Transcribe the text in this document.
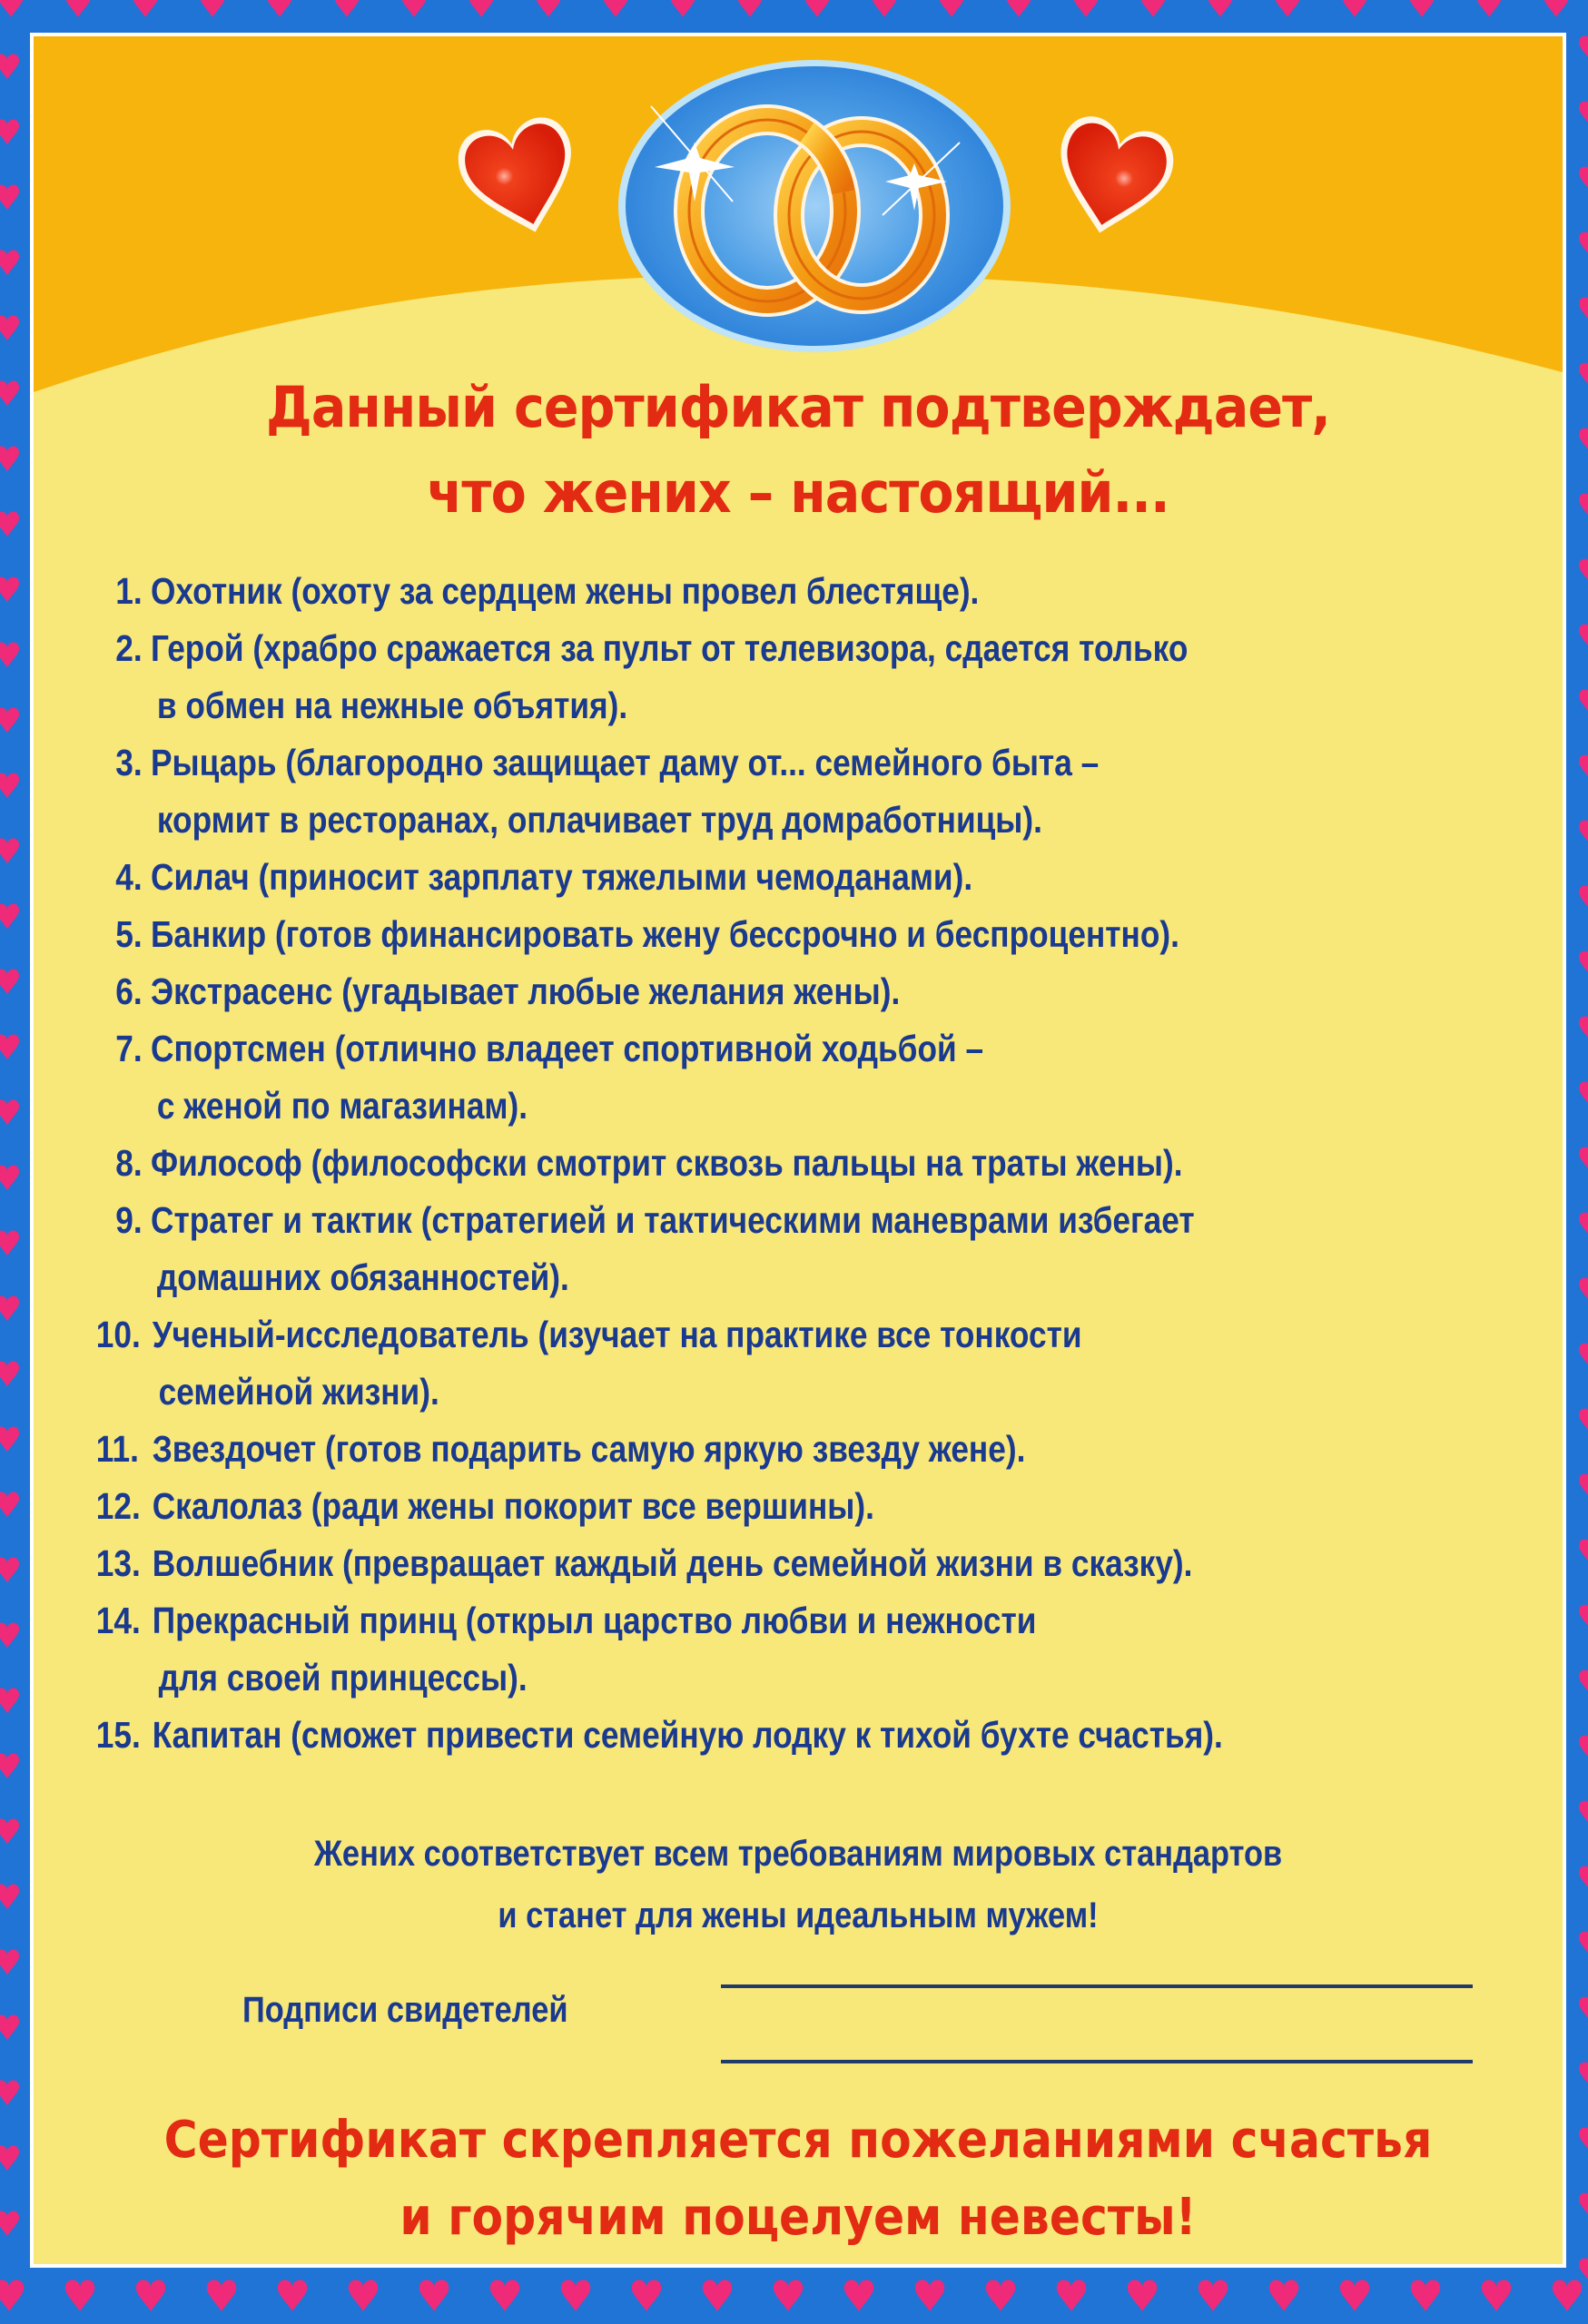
Данный сертификат подтверждает,
что жених – настоящий...
1. Охотник (охоту за сердцем жены провел блестяще).
2. Герой (храбро сражается за пульт от телевизора, сдается только
в обмен на нежные объятия).
3. Рыцарь (благородно защищает даму от... семейного быта –
кормит в ресторанах, оплачивает труд домработницы).
4. Силач (приносит зарплату тяжелыми чемоданами).
5. Банкир (готов финансировать жену бессрочно и беспроцентно).
6. Экстрасенс (угадывает любые желания жены).
7. Спортсмен (отлично владеет спортивной ходьбой –
с женой по магазинам).
8. Философ (философски смотрит сквозь пальцы на траты жены).
9. Стратег и тактик (стратегией и тактическими маневрами избегает
домашних обязанностей).
10. Ученый-исследователь (изучает на практике все тонкости
семейной жизни).
11. Звездочет (готов подарить самую яркую звезду жене).
12. Скалолаз (ради жены покорит все вершины).
13. Волшебник (превращает каждый день семейной жизни в сказку).
14. Прекрасный принц (открыл царство любви и нежности
для своей принцессы).
15. Капитан (сможет привести семейную лодку к тихой бухте счастья).
Жених соответствует всем требованиям мировых стандартов
и станет для жены идеальным мужем!
Подписи свидетелей
Сертификат скрепляется пожеланиями счастья
и горячим поцелуем невесты!
